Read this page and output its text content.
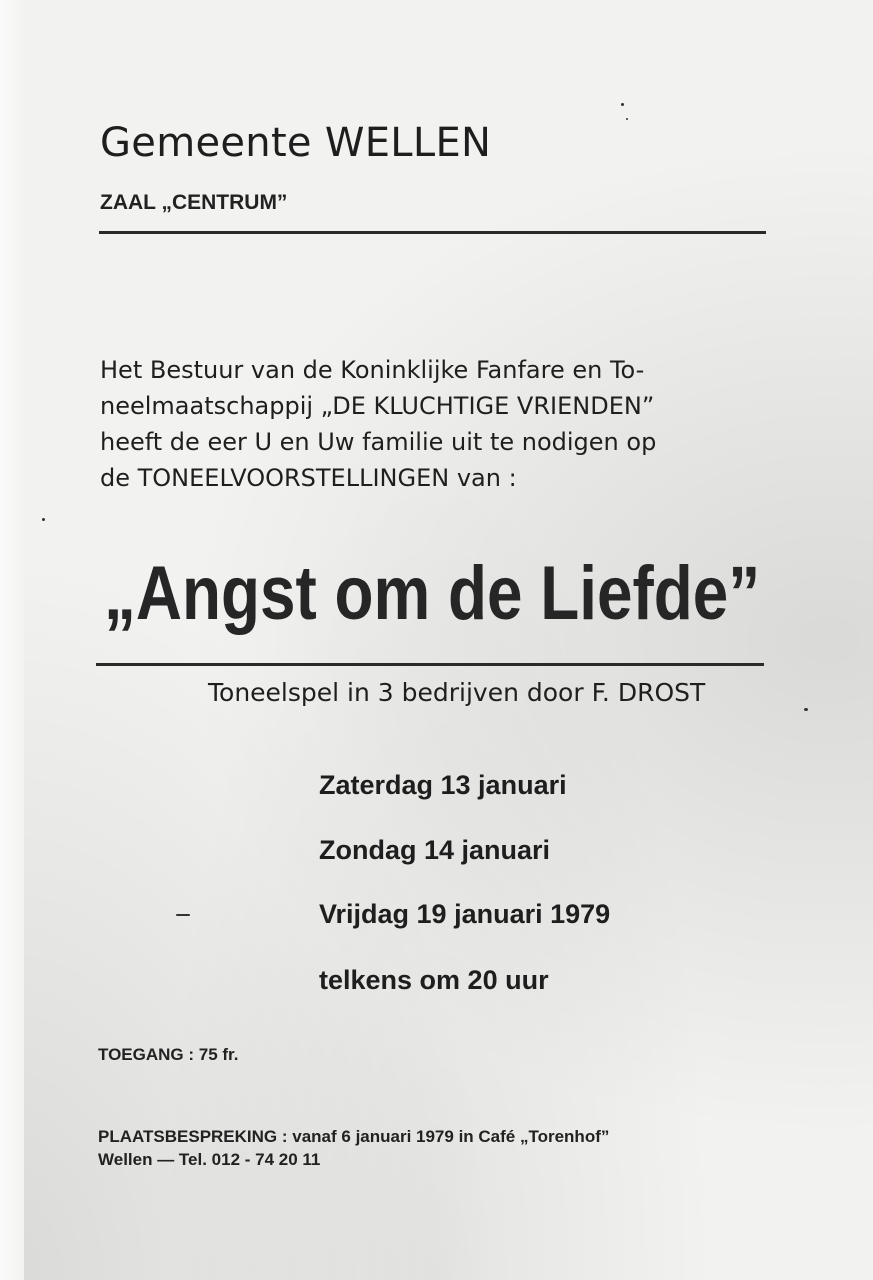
Gemeente WELLEN
ZAAL „CENTRUM”
Het Bestuur van de Koninklijke Fanfare en To-
neelmaatschappij „DE KLUCHTIGE VRIENDEN”
heeft de eer U en Uw familie uit te nodigen op
de TONEELVOORSTELLINGEN van :
„Angst om de Liefde”
Toneelspel in 3 bedrijven door F. DROST
Zaterdag 13 januari
Zondag 14 januari
Vrijdag 19 januari 1979
telkens om 20 uur
TOEGANG : 75 fr.
PLAATSBESPREKING : vanaf 6 januari 1979 in Café „Torenhof”
Wellen — Tel. 012 - 74 20 11
